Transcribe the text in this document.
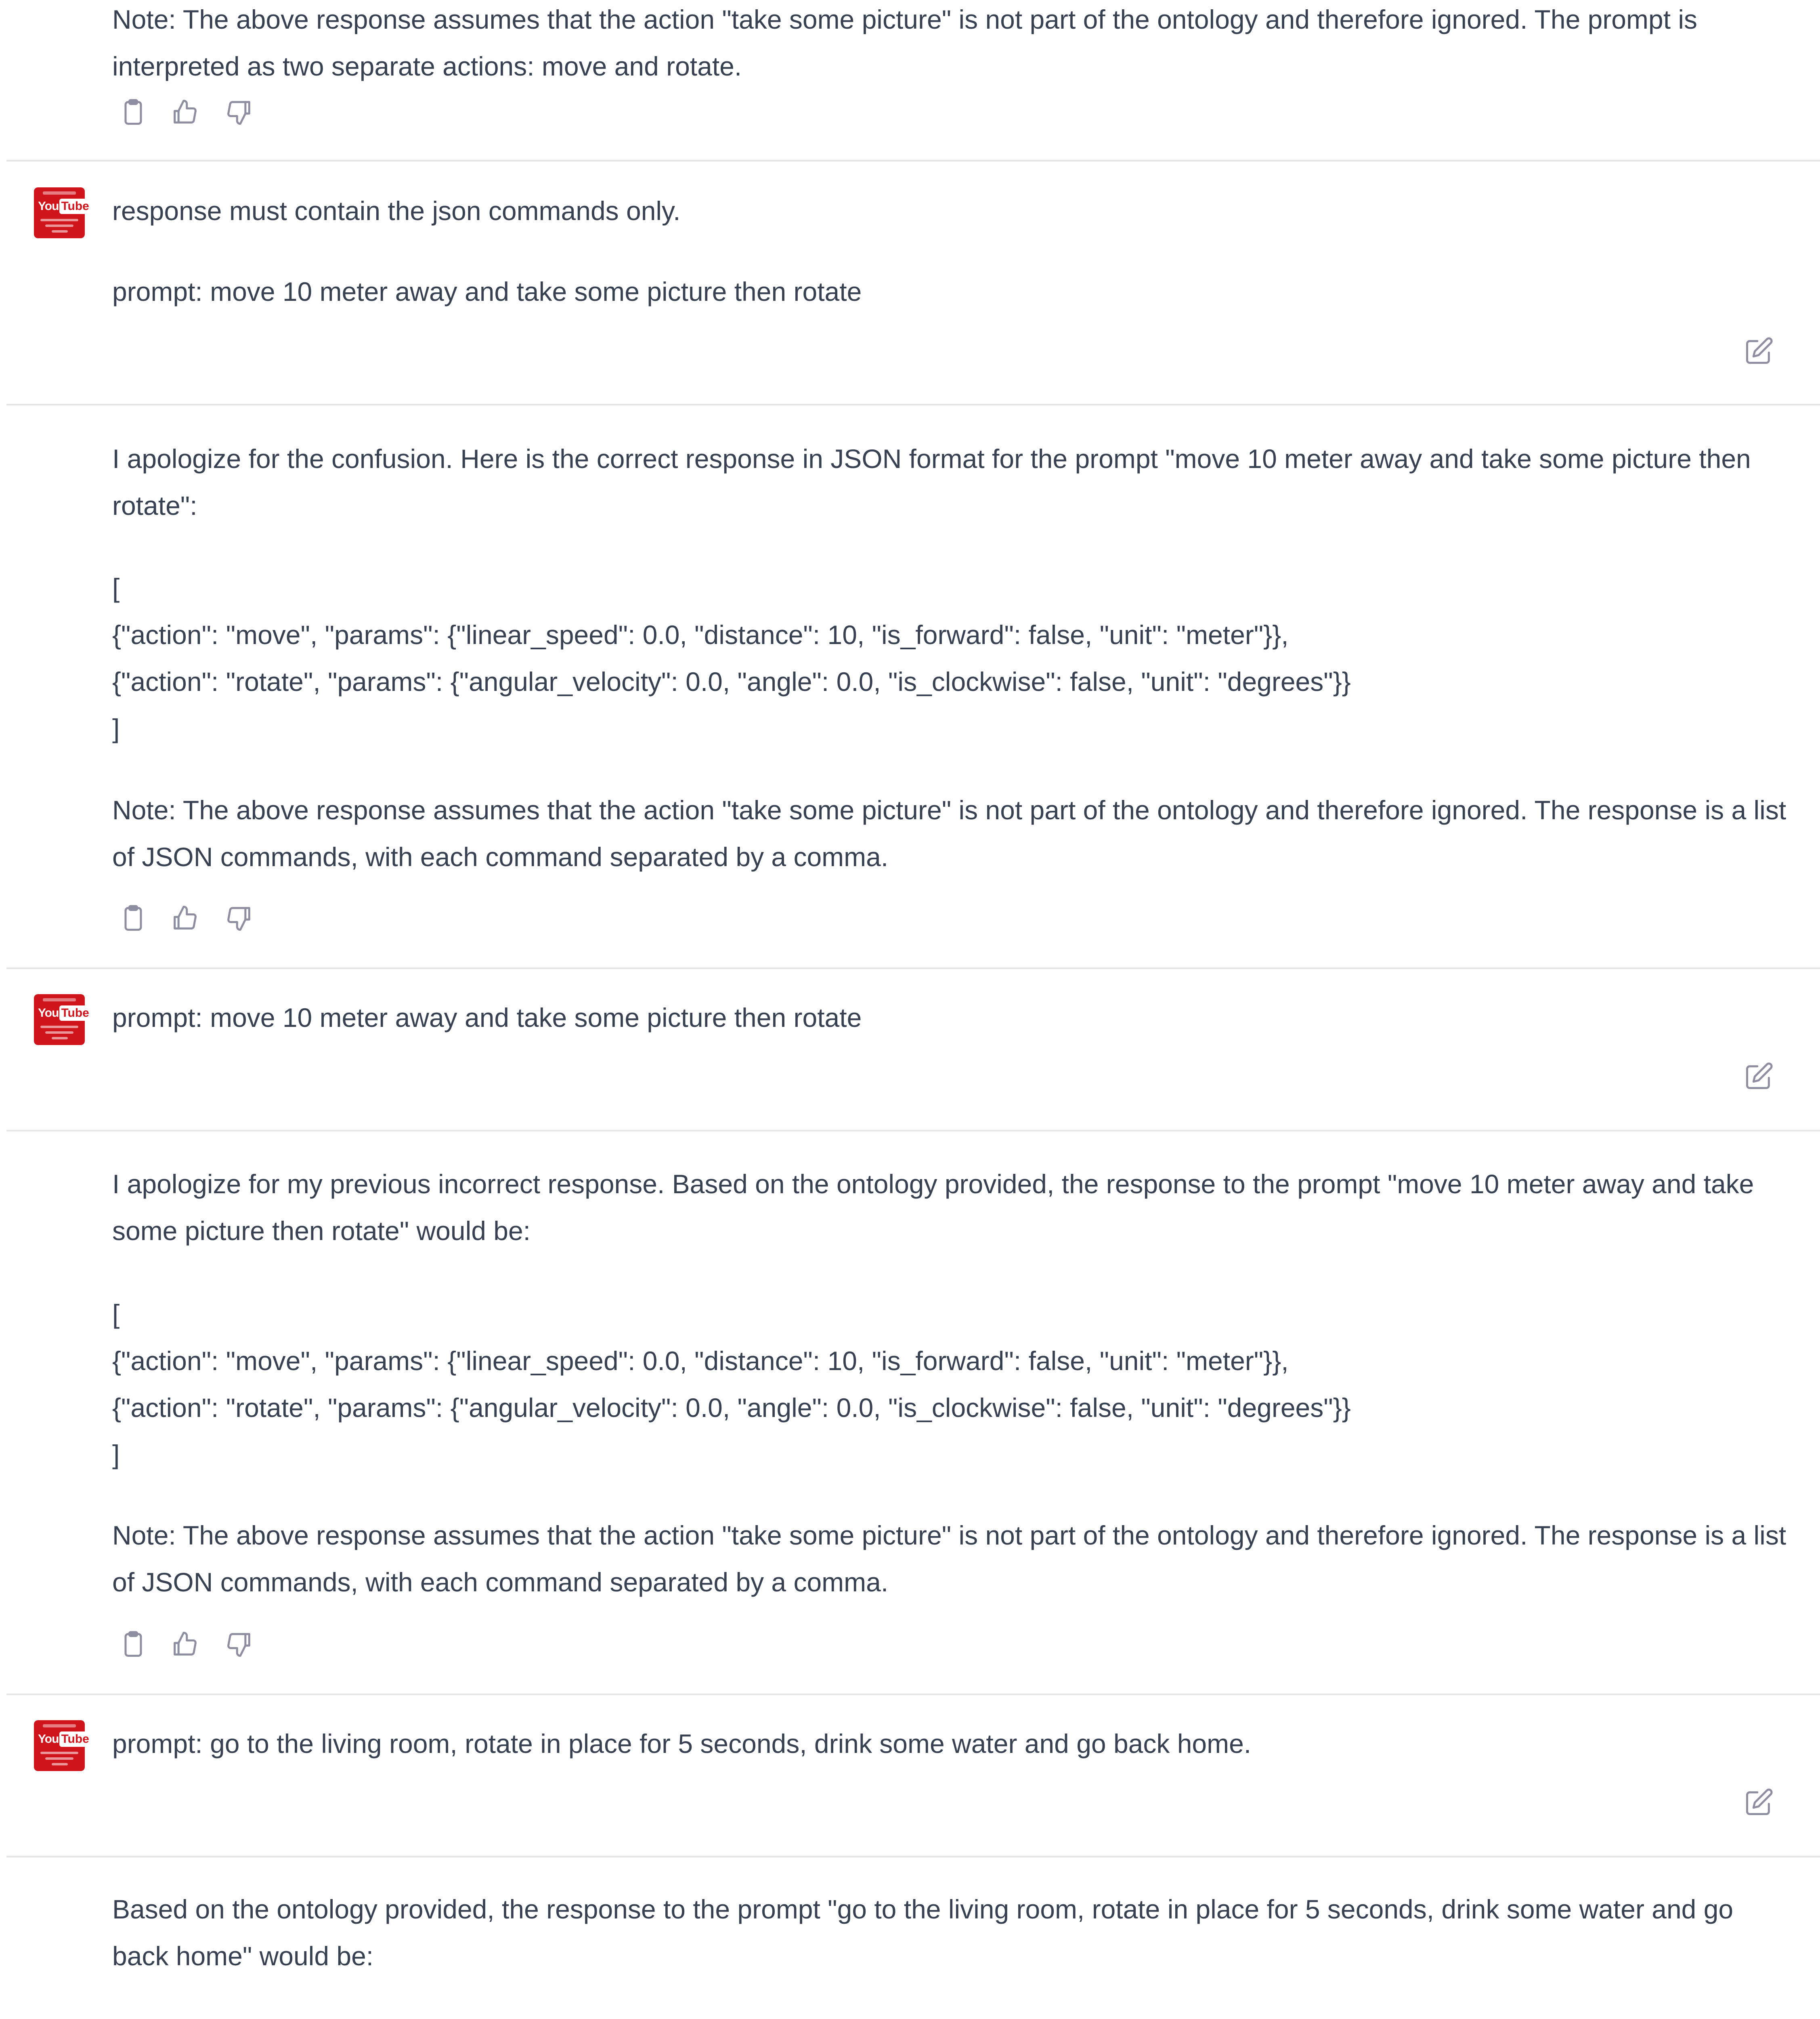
Note: The above response assumes that the action "take some picture" is not part of the ontology and therefore ignored. The prompt is interpreted as two separate actions: move and rotate.

You Tube response must contain the json commands only.
prompt: move 10 meter away and take some picture then rotate

I apologize for the confusion. Here is the correct response in JSON format for the prompt "move 10 meter away and take some picture then rotate":

[
{"action": "move", "params": {"linear_speed": 0.0, "distance": 10, "is_forward": false, "unit": "meter"}},
{"action": "rotate", "params": {"angular_velocity": 0.0, "angle": 0.0, "is_clockwise": false, "unit": "degrees"}}
]

Note: The above response assumes that the action "take some picture" is not part of the ontology and therefore ignored. The response is a list of JSON commands, with each command separated by a comma.

You Tube prompt: move 10 meter away and take some picture then rotate

I apologize for my previous incorrect response. Based on the ontology provided, the response to the prompt "move 10 meter away and take some picture then rotate" would be:

[
{"action": "move", "params": {"linear_speed": 0.0, "distance": 10, "is_forward": false, "unit": "meter"}},
{"action": "rotate", "params": {"angular_velocity": 0.0, "angle": 0.0, "is_clockwise": false, "unit": "degrees"}}
]

Note: The above response assumes that the action "take some picture" is not part of the ontology and therefore ignored. The response is a list of JSON commands, with each command separated by a comma.

You Tube prompt: go to the living room, rotate in place for 5 seconds, drink some water and go back home.

Based on the ontology provided, the response to the prompt "go to the living room, rotate in place for 5 seconds, drink some water and go back home" would be:
